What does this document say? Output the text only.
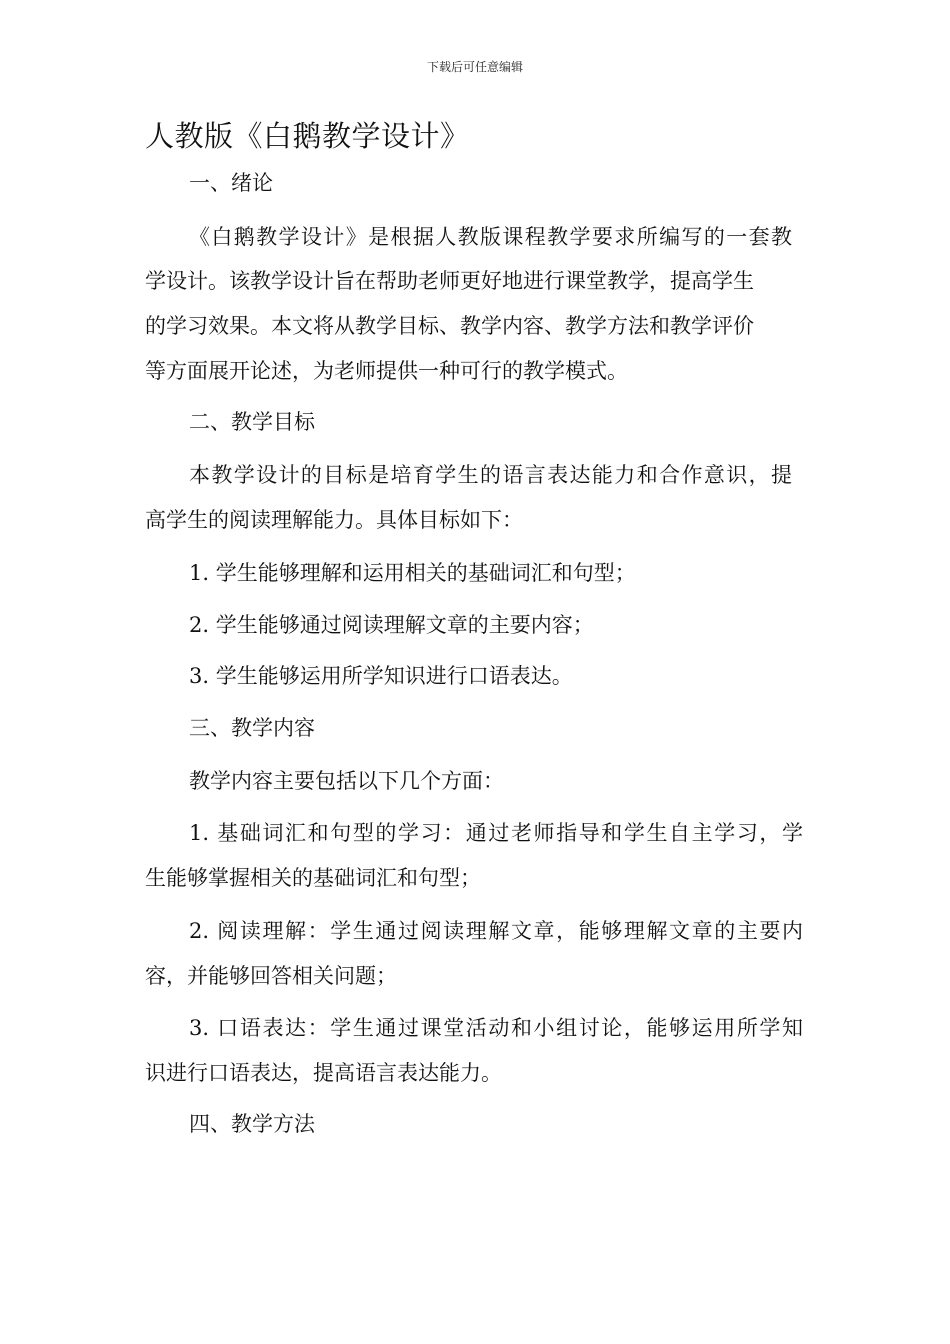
下载后可任意编辑
人教版《白鹅教学设计》
一、绪论
《白鹅教学设计》是根据人教版课程教学要求所编写的一套教
学设计。该教学设计旨在帮助老师更好地进行课堂教学，提高学生
的学习效果。本文将从教学目标、教学内容、教学方法和教学评价
等方面展开论述，为老师提供一种可行的教学模式。
二、教学目标
本教学设计的目标是培育学生的语言表达能力和合作意识，提
高学生的阅读理解能力。具体目标如下：
1. 学生能够理解和运用相关的基础词汇和句型；
2. 学生能够通过阅读理解文章的主要内容；
3. 学生能够运用所学知识进行口语表达。
三、教学内容
教学内容主要包括以下几个方面：
1. 基础词汇和句型的学习：通过老师指导和学生自主学习，学
生能够掌握相关的基础词汇和句型；
2. 阅读理解：学生通过阅读理解文章，能够理解文章的主要内
容，并能够回答相关问题；
3. 口语表达：学生通过课堂活动和小组讨论，能够运用所学知
识进行口语表达，提高语言表达能力。
四、教学方法
